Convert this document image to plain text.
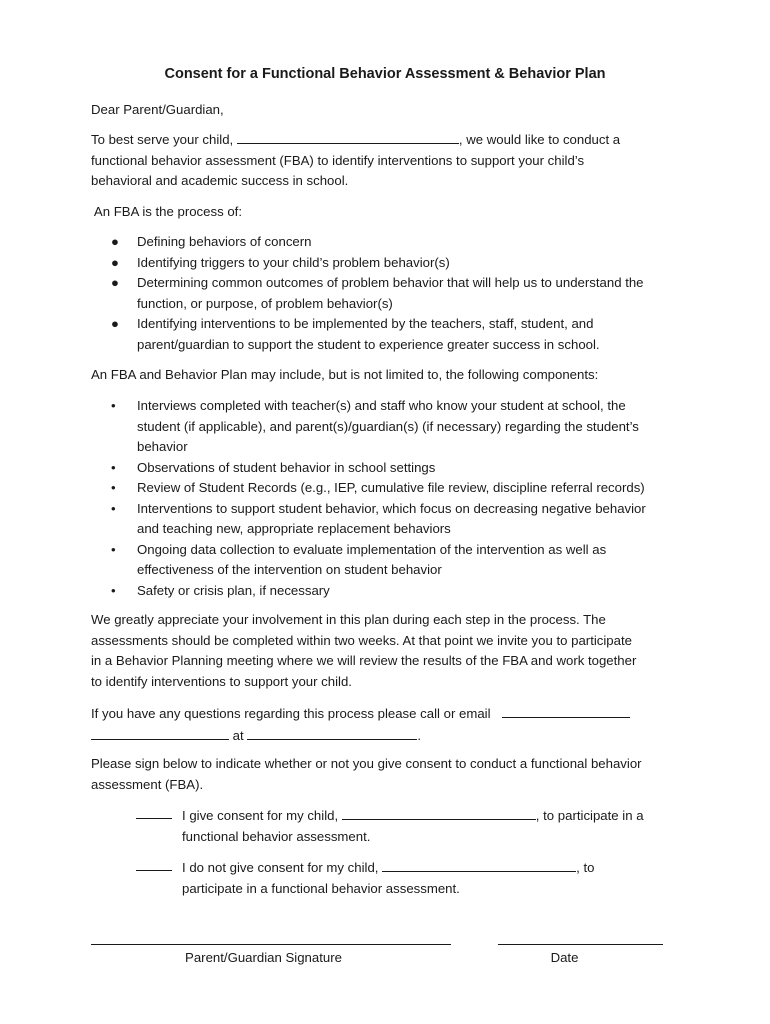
Consent for a Functional Behavior Assessment & Behavior Plan

Dear Parent/Guardian,

To best serve your child,	, we would like to conduct a
functional behavior assessment (FBA) to identify interventions to support your child’s
behavioral and academic success in school.

An FBA is the process of:

● Defining behaviors of concern
● Identifying triggers to your child’s problem behavior(s)
● Determining common outcomes of problem behavior that will help us to understand the
function, or purpose, of problem behavior(s)
● Identifying interventions to be implemented by the teachers, staff, student, and
parent/guardian to support the student to experience greater success in school.

An FBA and Behavior Plan may include, but is not limited to, the following components:

• Interviews completed with teacher(s) and staff who know your student at school, the
student (if applicable), and parent(s)/guardian(s) (if necessary) regarding the student’s
behavior
• Observations of student behavior in school settings
• Review of Student Records (e.g., IEP, cumulative file review, discipline referral records)
• Interventions to support student behavior, which focus on decreasing negative behavior
and teaching new, appropriate replacement behaviors
• Ongoing data collection to evaluate implementation of the intervention as well as
effectiveness of the intervention on student behavior
• Safety or crisis plan, if necessary

We greatly appreciate your involvement in this plan during each step in the process. The
assessments should be completed within two weeks. At that point we invite you to participate
in a Behavior Planning meeting where we will review the results of the FBA and work together
to identify interventions to support your child.

If you have any questions regarding this process please call or email
at	.

Please sign below to indicate whether or not you give consent to conduct a functional behavior
assessment (FBA).

I give consent for my child,	, to participate in a
functional behavior assessment.
I do not give consent for my child,	, to
participate in a functional behavior assessment.
Parent/Guardian Signature	Date
